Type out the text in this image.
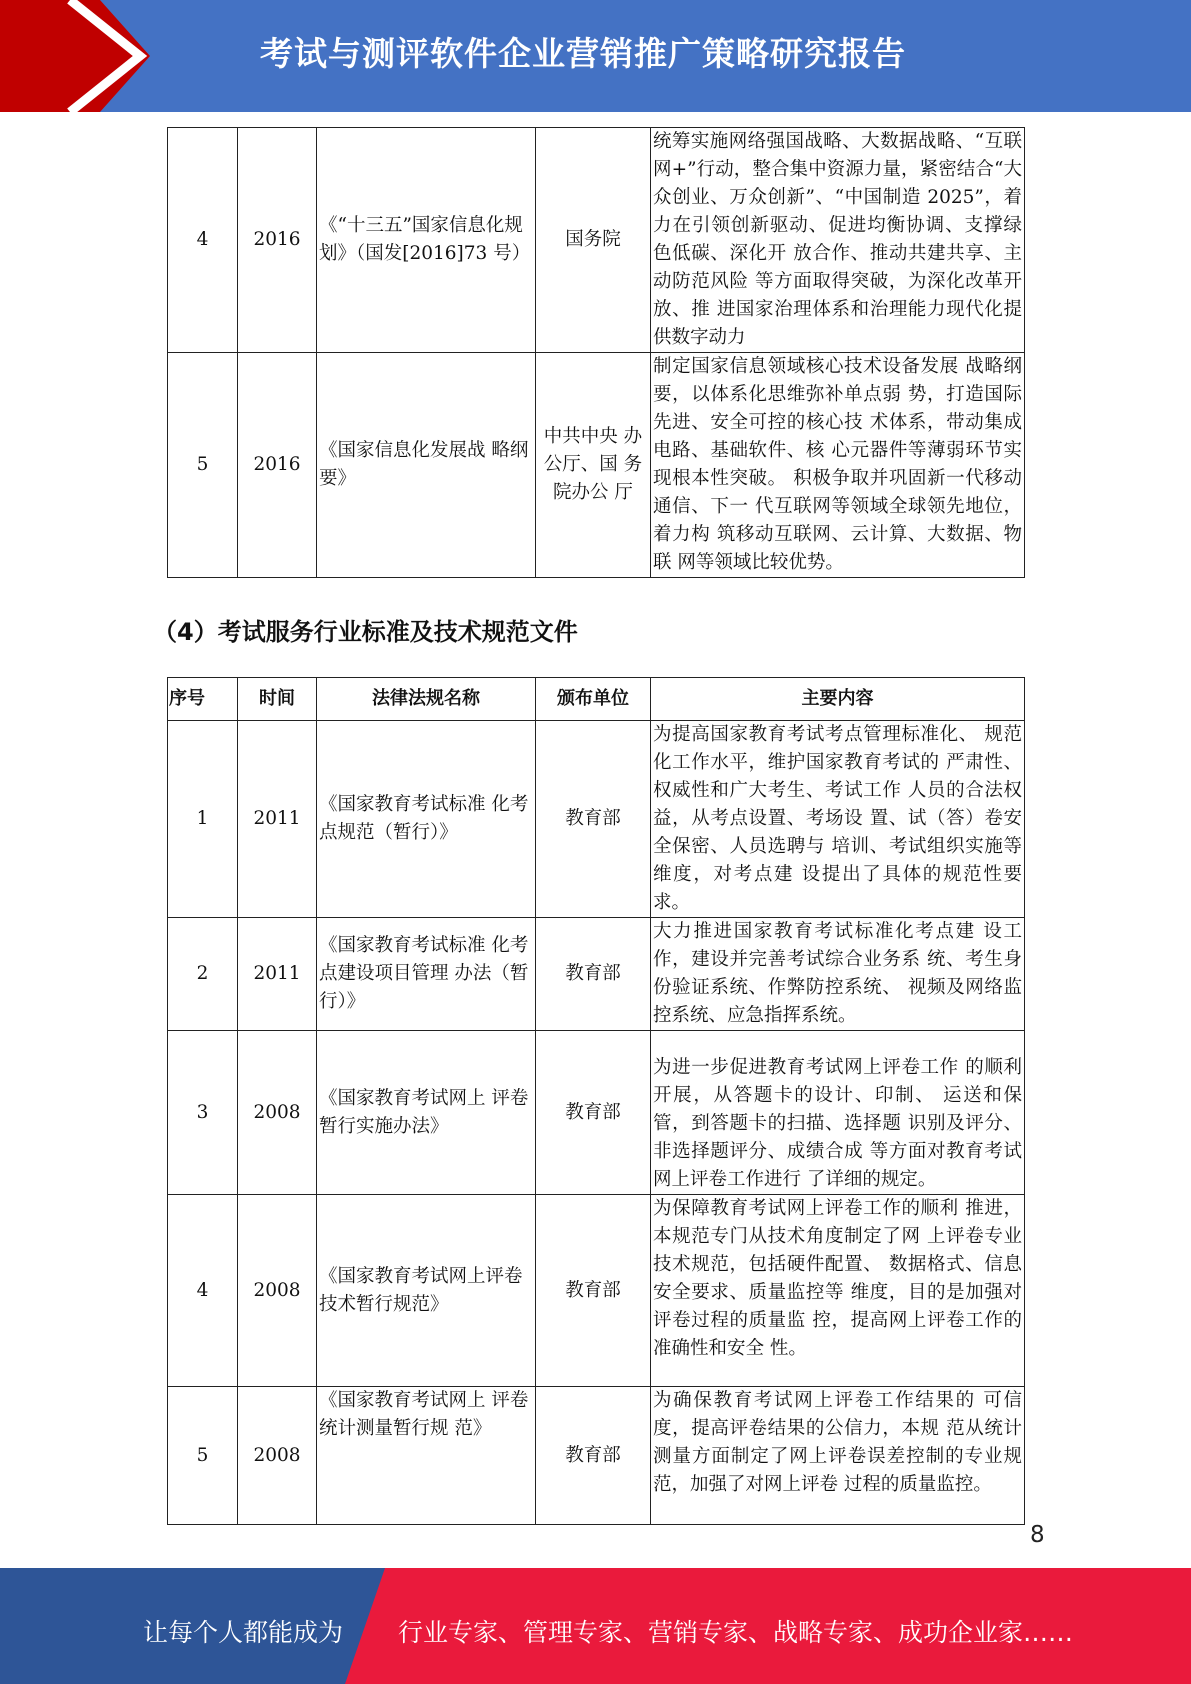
考试与测评软件企业营销推广策略研究报告
4	2016	《“十三五”国家信息化规划》（国发[2016]73 号）	国务院	统筹实施网络强国战略、大数据战略、“互联网+”行动，整合集中资源力量，紧密结合“大众创业、万众创新”、“中国制造 2025”，着力在引领创新驱动、促进均衡协调、支撑绿色低碳、深化开 放合作、推动共建共享、主动防范风险 等方面取得突破，为深化改革开放、推 进国家治理体系和治理能力现代化提 供数字动力
5	2016	《国家信息化发展战 略纲要》	中共中央 办公厅、国 务院办公 厅	制定国家信息领域核心技术设备发展 战略纲要，以体系化思维弥补单点弱 势，打造国际先进、安全可控的核心技 术体系，带动集成电路、基础软件、核 心元器件等薄弱环节实现根本性突破。 积极争取并巩固新一代移动通信、下一 代互联网等领域全球领先地位，着力构 筑移动互联网、云计算、大数据、物联 网等领域比较优势。
（4）考试服务行业标准及技术规范文件
序号	时间	法律法规名称	颁布单位	主要内容
1	2011	《国家教育考试标准 化考点规范（暂行）》	教育部	为提高国家教育考试考点管理标准化、 规范化工作水平，维护国家教育考试的 严肃性、权威性和广大考生、考试工作 人员的合法权益，从考点设置、考场设 置、试（答）卷安全保密、人员选聘与 培训、考试组织实施等维度，对考点建 设提出了具体的规范性要求。
2	2011	《国家教育考试标准 化考点建设项目管理 办法（暂行）》	教育部	大力推进国家教育考试标准化考点建 设工作，建设并完善考试综合业务系 统、考生身份验证系统、作弊防控系统、 视频及网络监控系统、应急指挥系统。
3	2008	《国家教育考试网上 评卷暂行实施办法》	教育部	为进一步促进教育考试网上评卷工作 的顺利开展，从答题卡的设计、印制、 运送和保管，到答题卡的扫描、选择题 识别及评分、非选择题评分、成绩合成 等方面对教育考试网上评卷工作进行 了详细的规定。
4	2008	《国家教育考试网上评卷技术暂行规范》	教育部	为保障教育考试网上评卷工作的顺利 推进，本规范专门从技术角度制定了网 上评卷专业技术规范，包括硬件配置、 数据格式、信息安全要求、质量监控等 维度，目的是加强对评卷过程的质量监 控，提高网上评卷工作的准确性和安全 性。
5	2008	《国家教育考试网上 评卷统计测量暂行规 范》	教育部	为确保教育考试网上评卷工作结果的 可信度，提高评卷结果的公信力，本规 范从统计测量方面制定了网上评卷误差控制的专业规范，加强了对网上评卷 过程的质量监控。
8
让每个人都能成为 行业专家、管理专家、营销专家、战略专家、成功企业家……
